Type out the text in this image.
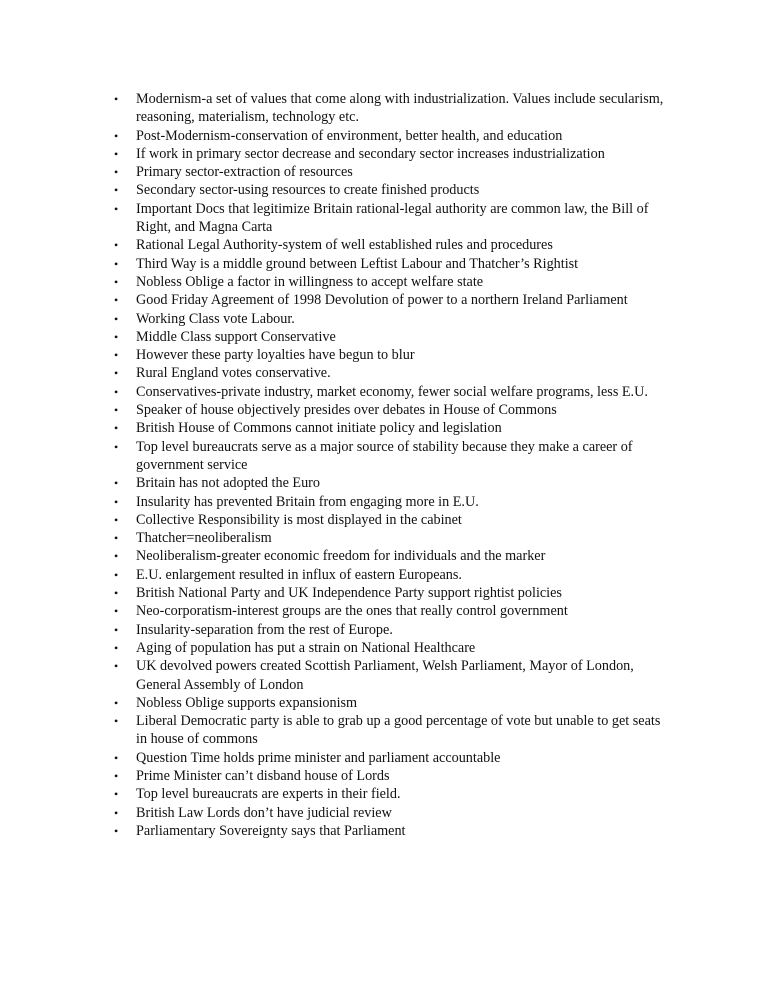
• Modernism-a set of values that come along with industrialization. Values include secularism, reasoning, materialism, technology etc.
• Post-Modernism-conservation of environment, better health, and education
• If work in primary sector decrease and secondary sector increases industrialization
• Primary sector-extraction of resources
• Secondary sector-using resources to create finished products
• Important Docs that legitimize Britain rational-legal authority are common law, the Bill of Right, and Magna Carta
• Rational Legal Authority-system of well established rules and procedures
• Third Way is a middle ground between Leftist Labour and Thatcher’s Rightist
• Nobless Oblige a factor in willingness to accept welfare state
• Good Friday Agreement of 1998 Devolution of power to a northern Ireland Parliament
• Working Class vote Labour.
• Middle Class support Conservative
• However these party loyalties have begun to blur
• Rural England votes conservative.
• Conservatives-private industry, market economy, fewer social welfare programs, less E.U.
• Speaker of house objectively presides over debates in House of Commons
• British House of Commons cannot initiate policy and legislation
• Top level bureaucrats serve as a major source of stability because they make a career of government service
• Britain has not adopted the Euro
• Insularity has prevented Britain from engaging more in E.U.
• Collective Responsibility is most displayed in the cabinet
• Thatcher=neoliberalism
• Neoliberalism-greater economic freedom for individuals and the marker
• E.U. enlargement resulted in influx of eastern Europeans.
• British National Party and UK Independence Party support rightist policies
• Neo-corporatism-interest groups are the ones that really control government
• Insularity-separation from the rest of Europe.
• Aging of population has put a strain on National Healthcare
• UK devolved powers created Scottish Parliament, Welsh Parliament, Mayor of London, General Assembly of London
• Nobless Oblige supports expansionism
• Liberal Democratic party is able to grab up a good percentage of vote but unable to get seats in house of commons
• Question Time holds prime minister and parliament accountable
• Prime Minister can’t disband house of Lords
• Top level bureaucrats are experts in their field.
• British Law Lords don’t have judicial review
• Parliamentary Sovereignty says that Parliament
